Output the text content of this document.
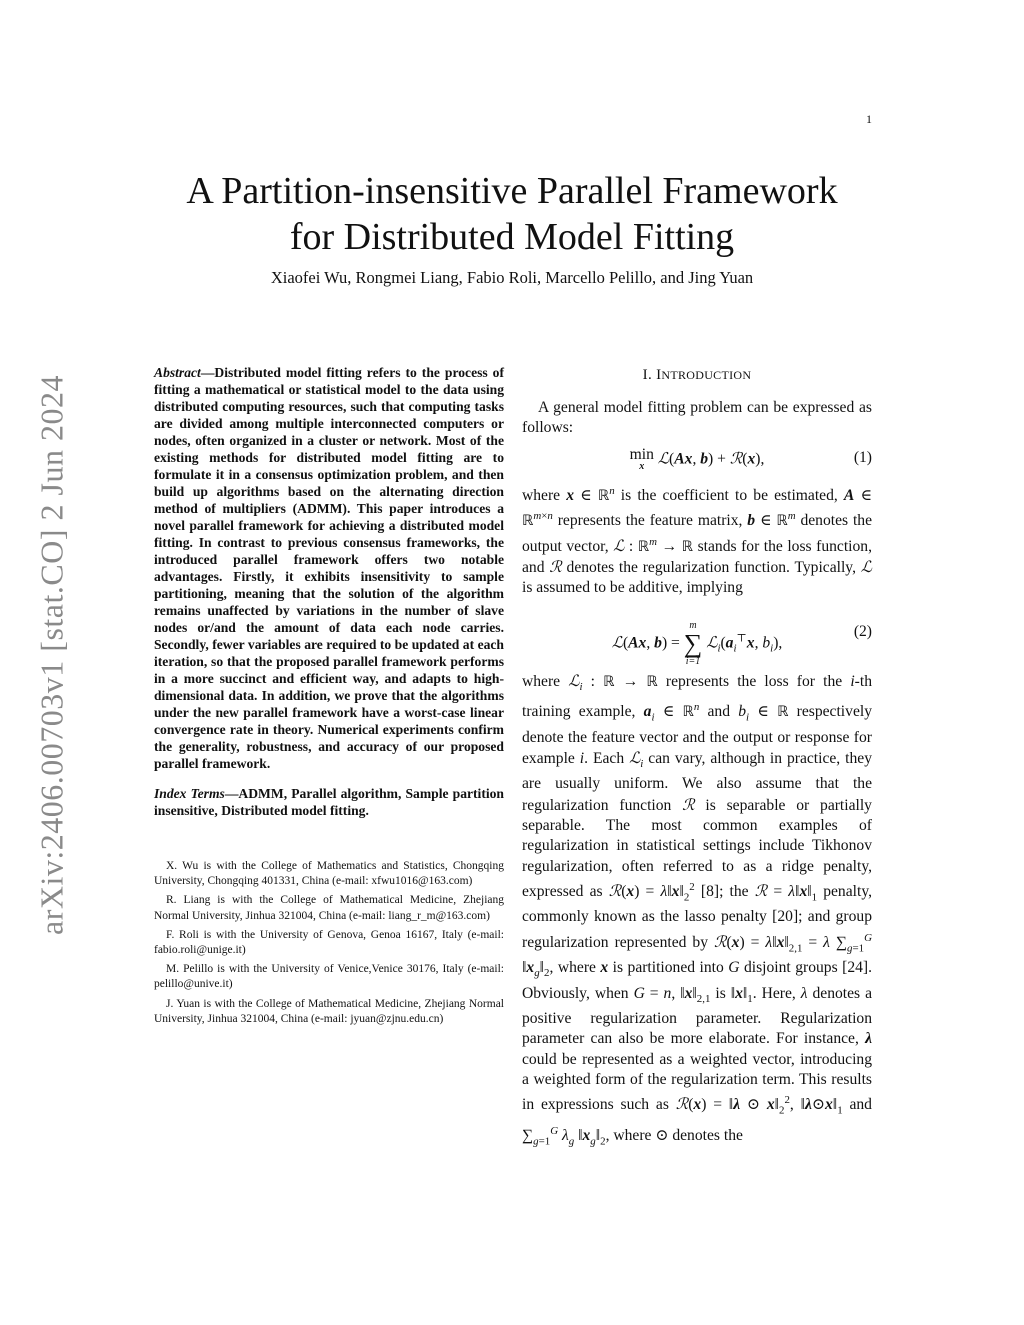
1
arXiv:2406.00703v1 [stat.CO] 2 Jun 2024
A Partition-insensitive Parallel Framework
for Distributed Model Fitting
Xiaofei Wu, Rongmei Liang, Fabio Roli, Marcello Pelillo, and Jing Yuan
Abstract—Distributed model fitting refers to the process of fitting a mathematical or statistical model to the data using distributed computing resources, such that computing tasks are divided among multiple interconnected computers or nodes, often organized in a cluster or network. Most of the existing methods for distributed model fitting are to formulate it in a consensus optimization problem, and then build up algorithms based on the alternating direction method of multipliers (ADMM). This paper introduces a novel parallel framework for achieving a distributed model fitting. In contrast to previous consensus frameworks, the introduced parallel framework offers two notable advantages. Firstly, it exhibits insensitivity to sample partitioning, meaning that the solution of the algorithm remains unaffected by variations in the number of slave nodes or/and the amount of data each node carries. Secondly, fewer variables are required to be updated at each iteration, so that the proposed parallel framework performs in a more succinct and efficient way, and adapts to high-dimensional data. In addition, we prove that the algorithms under the new parallel framework have a worst-case linear convergence rate in theory. Numerical experiments confirm the generality, robustness, and accuracy of our proposed parallel framework.
Index Terms—ADMM, Parallel algorithm, Sample partition insensitive, Distributed model fitting.

X. Wu is with the College of Mathematics and Statistics, Chongqing University, Chongqing 401331, China (e-mail: xfwu1016@163.com)

R. Liang is with the College of Mathematical Medicine, Zhejiang Normal University, Jinhua 321004, China (e-mail: liang_r_m@163.com)

F. Roli is with the University of Genova, Genoa 16167, Italy (e-mail: fabio.roli@unige.it)

M. Pelillo is with the University of Venice,Venice 30176, Italy (e-mail: pelillo@unive.it)

J. Yuan is with the College of Mathematical Medicine, Zhejiang Normal University, Jinhua 321004, China (e-mail: jyuan@zjnu.edu.cn)

I. INTRODUCTION

A general model fitting problem can be expressed as follows:

min
x ℒ(Ax, b) + ℛ(x),	(1)

where x ∈ ℝ$^n$ is the coefficient to be estimated, A ∈ ℝ$^{m\times n}$ represents the feature matrix, b ∈ ℝ$^m$ denotes the output vector, ℒ : ℝ$^m$ → ℝ stands for the loss function, and ℛ denotes the regularization function. Typically, ℒ is assumed to be additive, implying

ℒ(Ax, b) =
m
∑
i=1
$ℒ_i(a_i^⊤x$, $b_i$),
(2)

where ℒ$_i$ : ℝ → ℝ represents the loss for the i-th training example, $a_i$ ∈ ℝ$^n$ and $b_i$ ∈ ℝ respectively denote the feature vector and the output or response for example i. Each ℒ$_i$ can vary, although in practice, they are usually uniform. We also assume that the regularization function ℛ is separable or partially separable. The most common examples of regularization in statistical settings include Tikhonov regularization, often referred to as a ridge penalty, expressed as ℛ(x) = $\lambda‖x‖_2^2$ [8]; the ℛ = $\lambda‖x‖_1$ penalty, commonly known as the lasso penalty [20]; and group regularization represented by ℛ(x) = $\lambda‖x‖_{2,1} = \lambda$ $\sum_{g=1}^G$ $‖x_g‖_2$, where x is partitioned into G disjoint groups [24]. Obviously, when G = n, $‖x‖_{2,1}$ is $‖x‖_1$. Here, λ denotes a positive regularization parameter. Regularization parameter can also be more elaborate. For instance, λ could be represented as a weighted vector, introducing a weighted form of the regularization term. This results in expressions such as ℛ(x) = ‖λ ⊙ $x‖_2^2$, $‖\lambda⊙x‖_1$ and $\sum_{g=1}^G$ $\lambda_g$ $‖x_g‖_2$, where ⊙ denotes the
